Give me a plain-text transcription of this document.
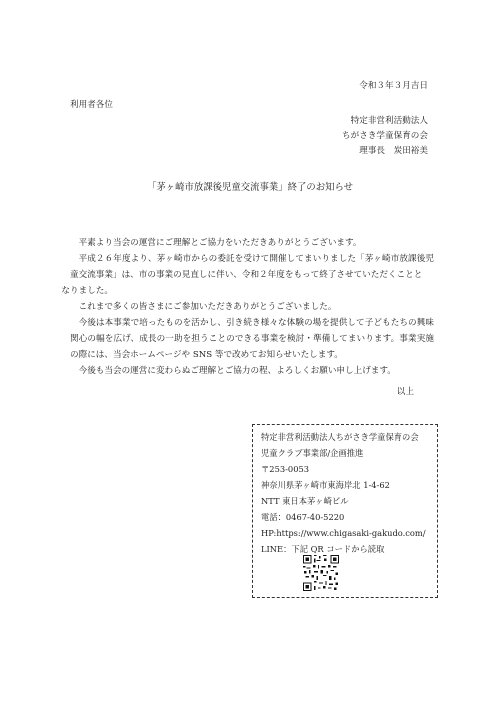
令和３年３月吉日
利用者各位
特定非営利活動法人
ちがさき学童保育の会
理事長　炭田裕美
「茅ヶ崎市放課後児童交流事業」終了のお知らせ

平素より当会の運営にご理解とご協力をいただきありがとうございます。

平成２６年度より、茅ヶ崎市からの委託を受けて開催してまいりました「茅ヶ崎市放課後児童交流事業」は、市の事業の見直しに伴い、令和２年度をもって終了させていただくことと
なりました。

これまで多くの皆さまにご参加いただきありがとうございました。

今後は本事業で培ったものを活かし、引き続き様々な体験の場を提供して子どもたちの興味関心の幅を広げ、成長の一助を担うことのできる事業を検討・準備してまいります。事業実施の際には、当会ホームページや SNS 等で改めてお知らせいたします。

今後も当会の運営に変わらぬご理解とご協力の程、よろしくお願い申し上げます。

以上
特定非営利活動法人ちがさき学童保育の会
児童クラブ事業部/企画推進
〒253-0053
神奈川県茅ヶ崎市東海岸北 1-4-62
NTT 東日本茅ヶ崎ビル
電話：0467-40-5220
HP:https://www.chigasaki-gakudo.com/
LINE：下記 QR コードから読取
